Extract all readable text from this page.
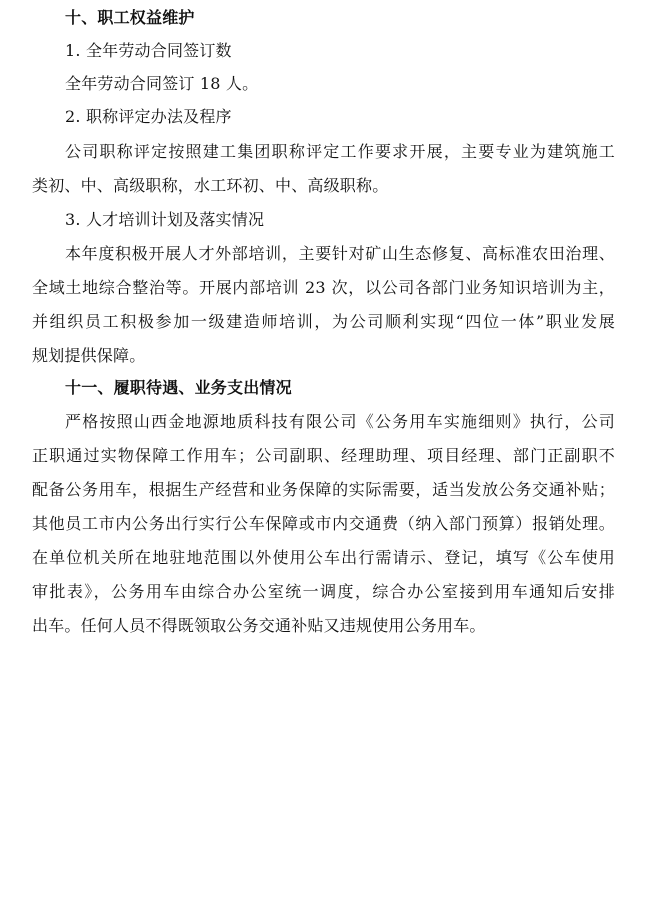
十、职工权益维护
1. 全年劳动合同签订数
全年劳动合同签订 18 人。
2. 职称评定办法及程序
公司职称评定按照建工集团职称评定工作要求开展，主要专业为建筑施工
类初、中、高级职称，水工环初、中、高级职称。
3. 人才培训计划及落实情况
本年度积极开展人才外部培训，主要针对矿山生态修复、高标准农田治理、
全域土地综合整治等。开展内部培训 23 次，以公司各部门业务知识培训为主，
并组织员工积极参加一级建造师培训，为公司顺利实现“四位一体”职业发展
规划提供保障。
十一、履职待遇、业务支出情况
严格按照山西金地源地质科技有限公司《公务用车实施细则》执行，公司
正职通过实物保障工作用车；公司副职、经理助理、项目经理、部门正副职不
配备公务用车，根据生产经营和业务保障的实际需要，适当发放公务交通补贴；
其他员工市内公务出行实行公车保障或市内交通费（纳入部门预算）报销处理。
在单位机关所在地驻地范围以外使用公车出行需请示、登记，填写《公车使用
审批表》，公务用车由综合办公室统一调度，综合办公室接到用车通知后安排
出车。任何人员不得既领取公务交通补贴又违规使用公务用车。
